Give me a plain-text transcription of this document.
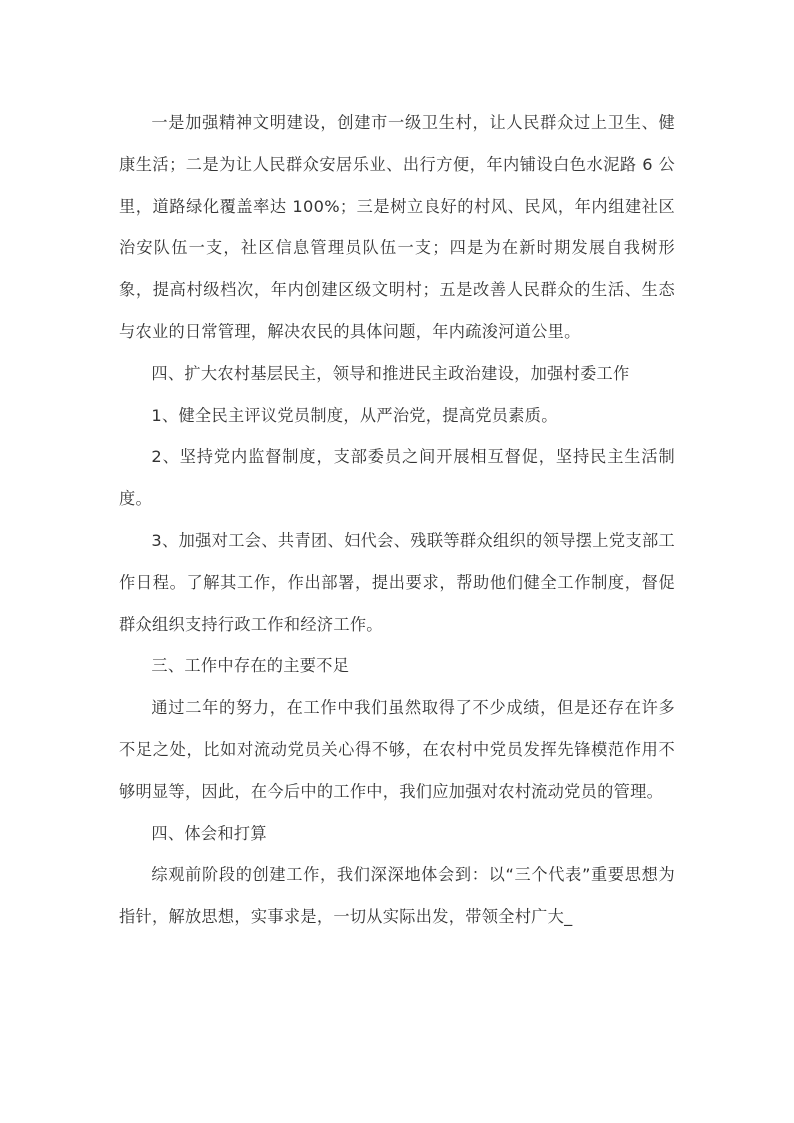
一是加强精神文明建设，创建市一级卫生村，让人民群众过上卫生、健康生活；二是为让人民群众安居乐业、出行方便，年内铺设白色水泥路 6 公里，道路绿化覆盖率达 100%；三是树立良好的村风、民风，年内组建社区治安队伍一支，社区信息管理员队伍一支；四是为在新时期发展自我树形象，提高村级档次，年内创建区级文明村；五是改善人民群众的生活、生态与农业的日常管理，解决农民的具体问题，年内疏浚河道公里。

四、扩大农村基层民主，领导和推进民主政治建设，加强村委工作

1、健全民主评议党员制度，从严治党，提高党员素质。

2、坚持党内监督制度，支部委员之间开展相互督促，坚持民主生活制度。

3、加强对工会、共青团、妇代会、残联等群众组织的领导摆上党支部工作日程。了解其工作，作出部署，提出要求，帮助他们健全工作制度，督促群众组织支持行政工作和经济工作。

三、工作中存在的主要不足

通过二年的努力，在工作中我们虽然取得了不少成绩，但是还存在许多不足之处，比如对流动党员关心得不够，在农村中党员发挥先锋模范作用不够明显等，因此，在今后中的工作中，我们应加强对农村流动党员的管理。

四、体会和打算

综观前阶段的创建工作，我们深深地体会到：以“三个代表”重要思想为指针，解放思想，实事求是，一切从实际出发，带领全村广大_
